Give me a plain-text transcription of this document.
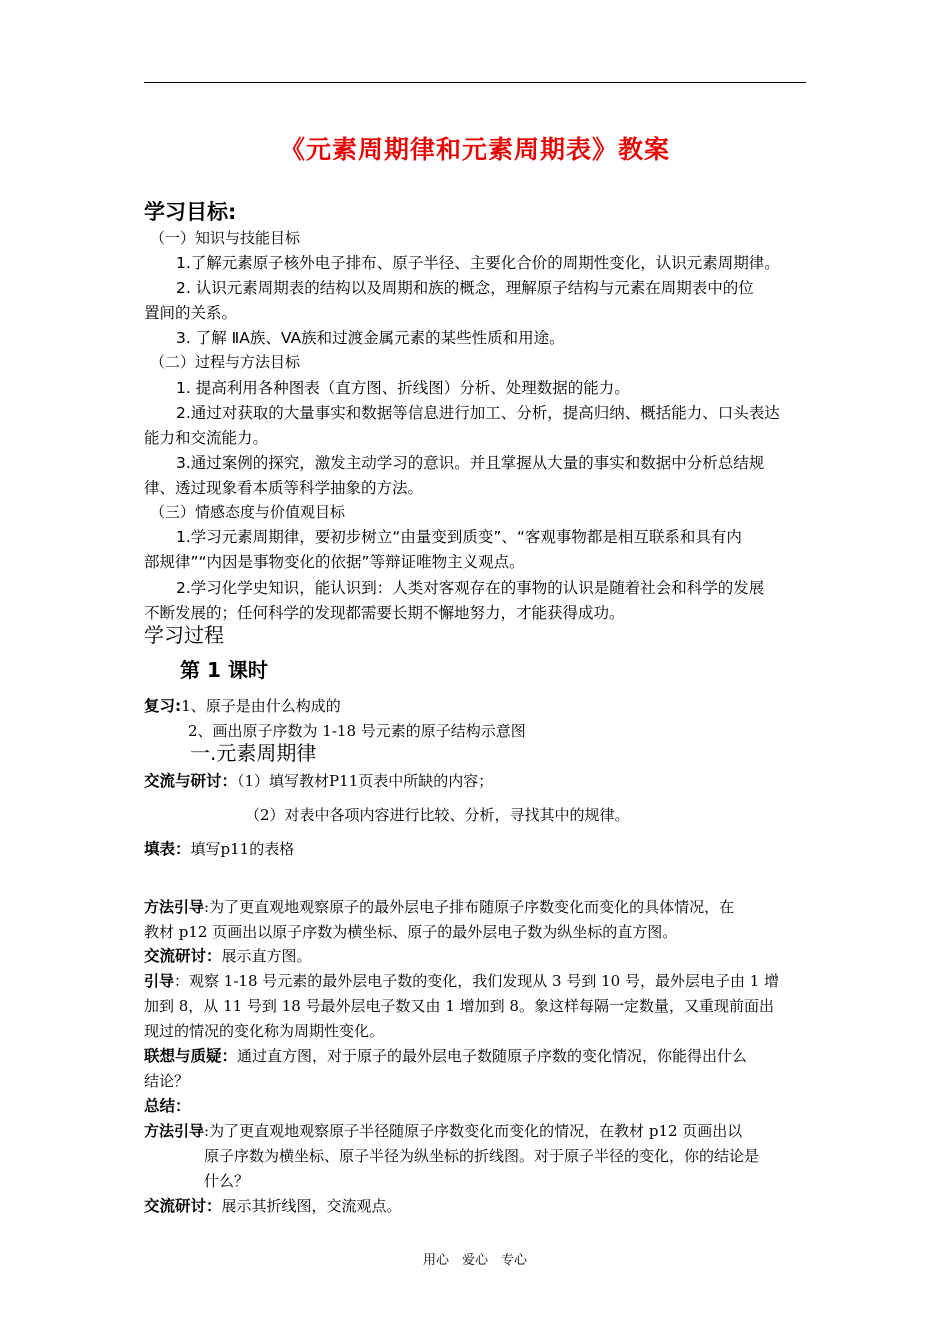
《元素周期律和元素周期表》教案
学习目标:
（一）知识与技能目标
1.了解元素原子核外电子排布、原子半径、主要化合价的周期性变化，认识元素周期律。
2. 认识元素周期表的结构以及周期和族的概念，理解原子结构与元素在周期表中的位
置间的关系。
3. 了解 ⅡA族、VA族和过渡金属元素的某些性质和用途。
（二）过程与方法目标
1. 提高利用各种图表（直方图、折线图）分析、处理数据的能力。
2.通过对获取的大量事实和数据等信息进行加工、分析，提高归纳、概括能力、口头表达
能力和交流能力。
3.通过案例的探究，激发主动学习的意识。并且掌握从大量的事实和数据中分析总结规
律、透过现象看本质等科学抽象的方法。
（三）情感态度与价值观目标
1.学习元素周期律，要初步树立“由量变到质变”、“客观事物都是相互联系和具有内
部规律”“内因是事物变化的依据”等辩证唯物主义观点。
2.学习化学史知识，能认识到：人类对客观存在的事物的认识是随着社会和科学的发展
不断发展的；任何科学的发现都需要长期不懈地努力，才能获得成功。
学习过程
第 1 课时
复习:1、原子是由什么构成的
2、画出原子序数为 1-18 号元素的原子结构示意图
一.元素周期律
交流与研讨：（1）填写教材P11页表中所缺的内容；
（2）对表中各项内容进行比较、分析，寻找其中的规律。
填表：填写p11的表格
方法引导:为了更直观地观察原子的最外层电子排布随原子序数变化而变化的具体情况，在
教材 p12 页画出以原子序数为横坐标、原子的最外层电子数为纵坐标的直方图。
交流研讨：展示直方图。
引导：观察 1-18 号元素的最外层电子数的变化，我们发现从 3 号到 10 号，最外层电子由 1 增
加到 8，从 11 号到 18 号最外层电子数又由 1 增加到 8。象这样每隔一定数量，又重现前面出
现过的情况的变化称为周期性变化。
联想与质疑：通过直方图，对于原子的最外层电子数随原子序数的变化情况，你能得出什么
结论？
总结：
方法引导:为了更直观地观察原子半径随原子序数变化而变化的情况，在教材 p12 页画出以
原子序数为横坐标、原子半径为纵坐标的折线图。对于原子半径的变化，你的结论是
什么？
交流研讨：展示其折线图，交流观点。
用心　爱心　专心
